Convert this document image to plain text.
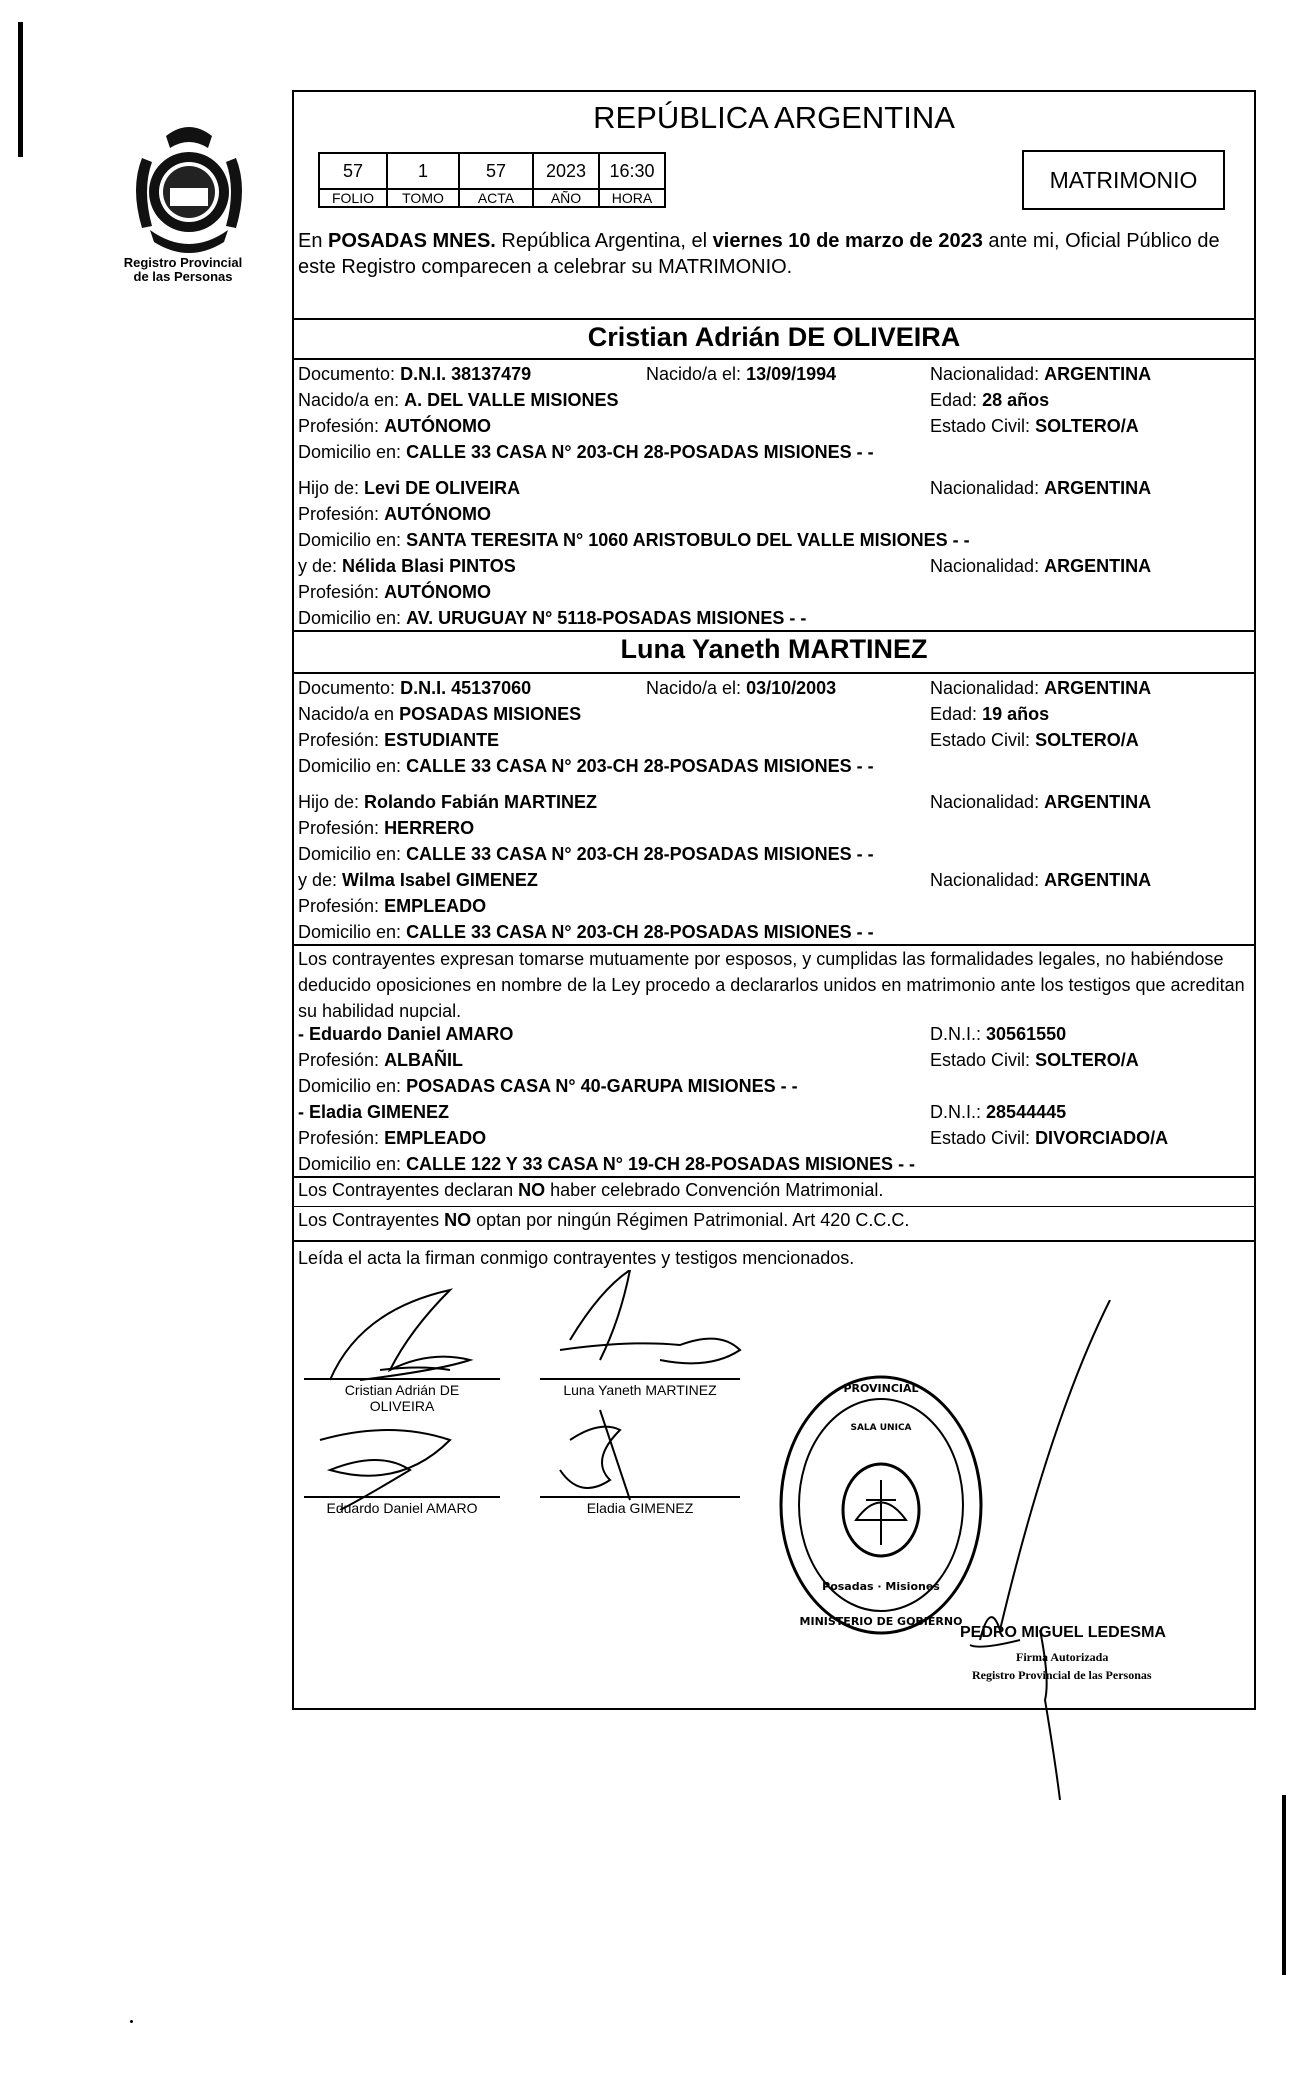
Registro Provincial
de las Personas
REPÚBLICA ARGENTINA
57	1	57	2023	16:30
FOLIO	TOMO	ACTA	AÑO	HORA
MATRIMONIO
En POSADAS MNES. República Argentina, el viernes 10 de marzo de 2023 ante mi, Oficial Público de este Registro comparecen a celebrar su MATRIMONIO.
Cristian Adrián DE OLIVEIRA
Documento: D.N.I. 38137479	Nacido/a el: 13/09/1994	Nacionalidad: ARGENTINA
Nacido/a en: A. DEL VALLE MISIONES	Edad: 28 años
Profesión: AUTÓNOMO	Estado Civil: SOLTERO/A
Domicilio en: CALLE 33 CASA N° 203-CH 28-POSADAS MISIONES - -
Hijo de: Levi DE OLIVEIRA	Nacionalidad: ARGENTINA
Profesión: AUTÓNOMO
Domicilio en: SANTA TERESITA N° 1060 ARISTOBULO DEL VALLE MISIONES - -
y de: Nélida Blasi PINTOS	Nacionalidad: ARGENTINA
Profesión: AUTÓNOMO
Domicilio en: AV. URUGUAY N° 5118-POSADAS MISIONES - -
Luna Yaneth MARTINEZ
Documento: D.N.I. 45137060	Nacido/a el: 03/10/2003	Nacionalidad: ARGENTINA
Nacido/a en POSADAS MISIONES	Edad: 19 años
Profesión: ESTUDIANTE	Estado Civil: SOLTERO/A
Domicilio en: CALLE 33 CASA N° 203-CH 28-POSADAS MISIONES - -
Hijo de: Rolando Fabián MARTINEZ	Nacionalidad: ARGENTINA
Profesión: HERRERO
Domicilio en: CALLE 33 CASA N° 203-CH 28-POSADAS MISIONES - -
y de: Wilma Isabel GIMENEZ	Nacionalidad: ARGENTINA
Profesión: EMPLEADO
Domicilio en: CALLE 33 CASA N° 203-CH 28-POSADAS MISIONES - -
Los contrayentes expresan tomarse mutuamente por esposos, y cumplidas las formalidades legales, no habiéndose deducido oposiciones en nombre de la Ley procedo a declararlos unidos en matrimonio ante los testigos que acreditan su habilidad nupcial.
- Eduardo Daniel AMARO	D.N.I.: 30561550
Profesión: ALBAÑIL	Estado Civil: SOLTERO/A
Domicilio en: POSADAS CASA N° 40-GARUPA MISIONES - -
- Eladia GIMENEZ	D.N.I.: 28544445
Profesión: EMPLEADO	Estado Civil: DIVORCIADO/A
Domicilio en: CALLE 122 Y 33 CASA N° 19-CH 28-POSADAS MISIONES - -
Los Contrayentes declaran NO haber celebrado Convención Matrimonial.
Los Contrayentes NO optan por ningún Régimen Patrimonial. Art 420 C.C.C.
Leída el acta la firman conmigo contrayentes y testigos mencionados.
Cristian Adrián DE
OLIVEIRA
Luna Yaneth MARTINEZ
Eduardo Daniel AMARO	Eladia GIMENEZ
PROVINCIAL
SALA UNICA
Posadas · Misiones
MINISTERIO DE GOBIERNO
PEDRO MIGUEL LEDESMA
Firma Autorizada
Registro Provincial de las Personas
